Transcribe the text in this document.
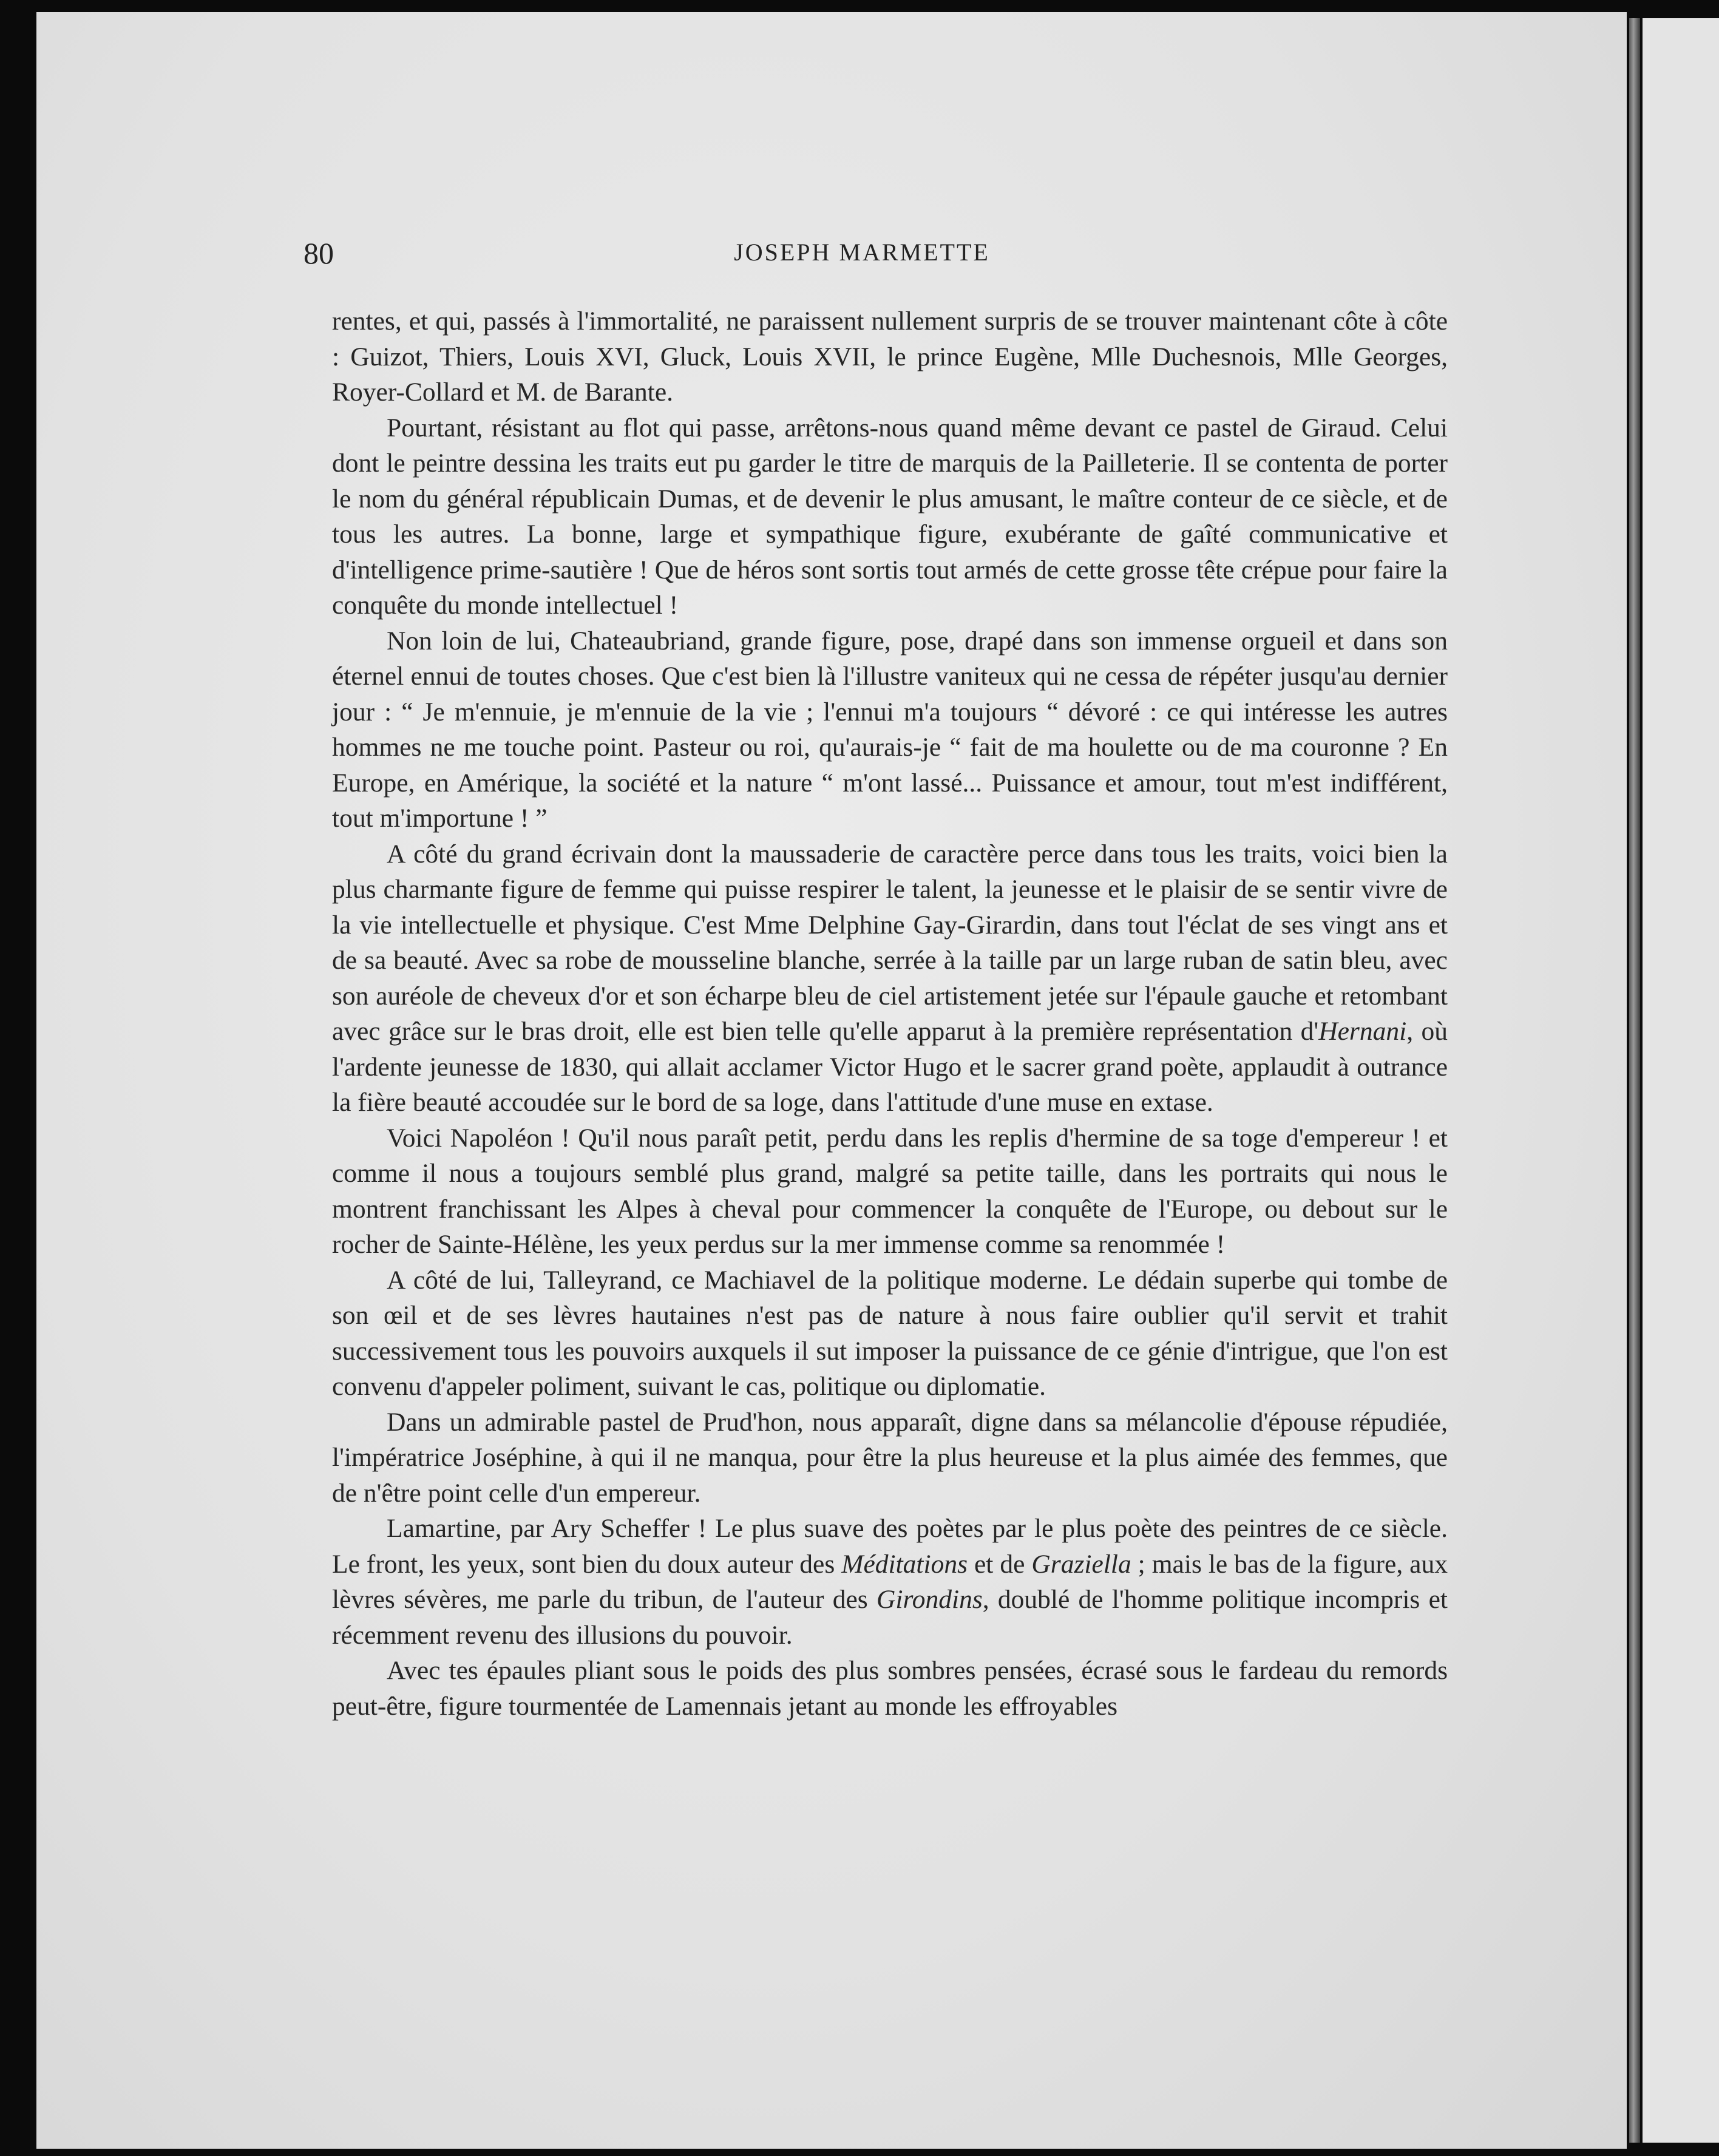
80	JOSEPH MARMETTE

rentes, et qui, passés à l'immortalité, ne paraissent nullement surpris de se trouver maintenant côte à côte : Guizot, Thiers, Louis XVI, Gluck, Louis XVII, le prince Eugène, Mlle Duchesnois, Mlle Georges, Royer-Collard et M. de Barante.

Pourtant, résistant au flot qui passe, arrêtons-nous quand même devant ce pastel de Giraud. Celui dont le peintre dessina les traits eut pu garder le titre de marquis de la Pailleterie. Il se contenta de porter le nom du général républicain Dumas, et de devenir le plus amusant, le maître conteur de ce siècle, et de tous les autres. La bonne, large et sympathique figure, exubérante de gaîté communicative et d'intelligence prime-sautière ! Que de héros sont sortis tout armés de cette grosse tête crépue pour faire la conquête du monde intellectuel !

Non loin de lui, Chateaubriand, grande figure, pose, drapé dans son immense orgueil et dans son éternel ennui de toutes choses. Que c'est bien là l'illustre vaniteux qui ne cessa de répéter jusqu'au dernier jour : “ Je m'ennuie, je m'ennuie de la vie ; l'ennui m'a toujours “ dévoré : ce qui intéresse les autres hommes ne me touche point. Pasteur ou roi, qu'aurais-je “ fait de ma houlette ou de ma couronne ? En Europe, en Amérique, la société et la nature “ m'ont lassé... Puissance et amour, tout m'est indifférent, tout m'importune ! ”

A côté du grand écrivain dont la maussaderie de caractère perce dans tous les traits, voici bien la plus charmante figure de femme qui puisse respirer le talent, la jeunesse et le plaisir de se sentir vivre de la vie intellectuelle et physique. C'est Mme Delphine Gay-Girardin, dans tout l'éclat de ses vingt ans et de sa beauté. Avec sa robe de mousseline blanche, serrée à la taille par un large ruban de satin bleu, avec son auréole de cheveux d'or et son écharpe bleu de ciel artistement jetée sur l'épaule gauche et retombant avec grâce sur le bras droit, elle est bien telle qu'elle apparut à la première représentation d'Hernani, où l'ardente jeunesse de 1830, qui allait acclamer Victor Hugo et le sacrer grand poète, applaudit à outrance la fière beauté accoudée sur le bord de sa loge, dans l'attitude d'une muse en extase.

Voici Napoléon ! Qu'il nous paraît petit, perdu dans les replis d'hermine de sa toge d'empereur ! et comme il nous a toujours semblé plus grand, malgré sa petite taille, dans les portraits qui nous le montrent franchissant les Alpes à cheval pour commencer la conquête de l'Europe, ou debout sur le rocher de Sainte-Hélène, les yeux perdus sur la mer immense comme sa renommée !

A côté de lui, Talleyrand, ce Machiavel de la politique moderne. Le dédain superbe qui tombe de son œil et de ses lèvres hautaines n'est pas de nature à nous faire oublier qu'il servit et trahit successivement tous les pouvoirs auxquels il sut imposer la puissance de ce génie d'intrigue, que l'on est convenu d'appeler poliment, suivant le cas, politique ou diplomatie.

Dans un admirable pastel de Prud'hon, nous apparaît, digne dans sa mélancolie d'épouse répudiée, l'impératrice Joséphine, à qui il ne manqua, pour être la plus heureuse et la plus aimée des femmes, que de n'être point celle d'un empereur.

Lamartine, par Ary Scheffer ! Le plus suave des poètes par le plus poète des peintres de ce siècle. Le front, les yeux, sont bien du doux auteur des Méditations et de Graziella ; mais le bas de la figure, aux lèvres sévères, me parle du tribun, de l'auteur des Girondins, doublé de l'homme politique incompris et récemment revenu des illusions du pouvoir.

Avec tes épaules pliant sous le poids des plus sombres pensées, écrasé sous le fardeau du remords peut-être, figure tourmentée de Lamennais jetant au monde les effroyables
